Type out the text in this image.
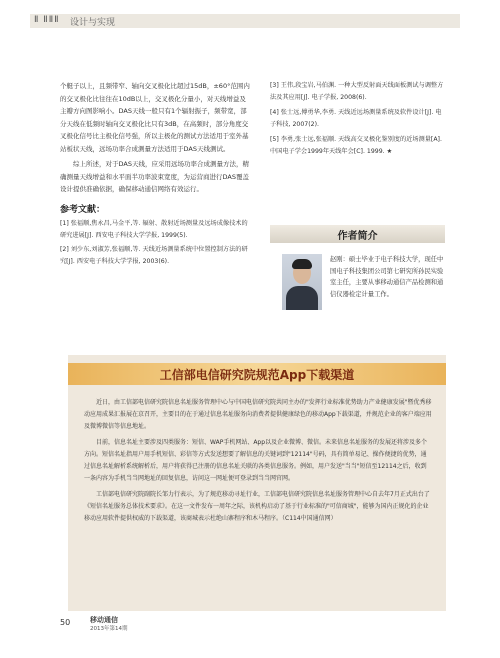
Ⅱ ⅡⅡⅡ 设计与实现

个艇子以上，且频带窄、轴向交叉极化比超过15dB，±60°范围内的交叉极化比往往在10dB以上，交叉极化分量小，对天线增益及主瓣方向图影响小。DAS天线一般只有1个辐射振子，频带宽，部分天线在低频时轴向交叉极化比只有3dB，在高频时，部分角度交叉极化信号比主极化信号强，所以主极化的测试方法适用于室外基站板状天线，远场功率合成测量方法适用于DAS天线测试。

综上所述，对于DAS天线，应采用远场功率合成测量方法，精确测量天线增益和水平面半功率波束宽度，为运营商进行DAS覆盖设计提供准确依据，确保移动通信网络有效运行。

参考文献：

[1] 张福顺,焦永昌,马金平,等. 辐射、散射近场测量及远场成像技术的研究进展[J]. 西安电子科技大学学报, 1999(5).

[2] 刘少东,刘淑芳,张福顺,等. 天线近场测量系统中位置控制方法的研究[J]. 西安电子科技大学学报, 2003(6).

[3] 王伟,段宝岩,马伯渊. 一种大型反射面天线面板测试与调整方法及其应用[J]. 电子学报, 2008(6).

[4] 张士远,傅勇华,李勇. 天线近远场测量系统及软件设计[J]. 电子科技, 2007(2).

[5] 李勇,张士远,张福顺. 天线高交叉极化鉴别度的近场测量[A]. 中国电子学会1999年天线年会[C]. 1999. ★

作者简介
赵刚：硕士毕业于电子科技大学，现任中国电子科技集团公司第七研究所孙民实验室主任，主要从事移动通信产品检测和通信仪器检定计量工作。
工信部电信研究院规范App下载渠道

近日，由工信部电信研究院信息名址服务管理中心与中国电信研究院共同主办的"发挥行业标准优势助力产业健康发展"暨优秀移动应用成果汇报展在京召开，主要目的在于通过信息名址服务向消费者提供健康绿色的移动App下载渠道，并规范企业的客户端应用及微博微信等信息地址。

目前，信息名址主要涉及四类服务：短信、WAP手机网站、App以及企业微博、微信。未来信息名址服务的发展还将涉及多个方向。短信名址指用户用手机短信、彩信等方式发送想要了解信息的关键词到"12114"号码，具有简单易记、操作便捷的优势，通过信息名址解析系统解析后，用户将获得已注册的信息名址关联的各类信息服务。例如，用户发送"当当"短信至12114之后，收到一条内容为手机当当网地址的回复信息，访问这一网址便可登录到当当网官网。

工信部电信研究院副院长邹力行表示，为了规范移动寻址行业，工信部电信研究院信息名址服务管理中心自去年7月正式出台了《短信名址服务总体技术要求》。在这一文件发布一周年之际，该机构启动了基于行业标准的"可信商城"，能够为国内正规化的企业移动应用软件提供权威的下载渠道，该商城表示杜绝山寨程序和木马程序。（C114中国通信网）

50	移动通信
2013年第14期
